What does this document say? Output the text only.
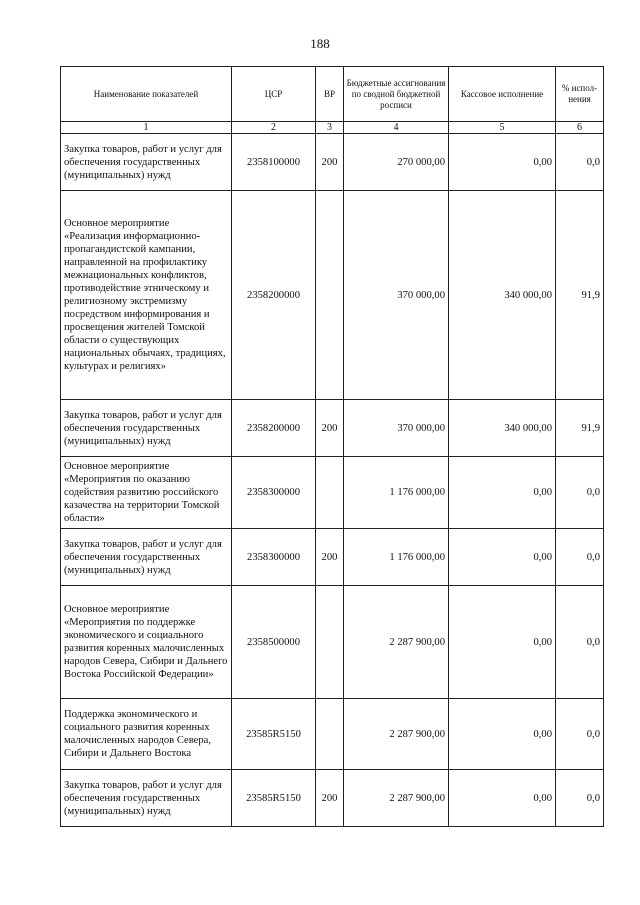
188
Наименование показателей	ЦСР	ВР	Бюджетные ассигнования по сводной бюджетной росписи	Кассовое исполнение	% испол-нения
1	2	3	4	5	6
Закупка товаров, работ и услуг для обеспечения государственных (муниципальных) нужд	2358100000	200	270 000,00	0,00	0,0
Основное мероприятие «Реализация информационно-пропагандистской кампании, направленной на профилактику межнациональных конфликтов, противодействие этническому и религиозному экстремизму посредством информирования и просвещения жителей Томской области о существующих национальных обычаях, традициях, культурах и религиях»	2358200000		370 000,00	340 000,00	91,9
Закупка товаров, работ и услуг для обеспечения государственных (муниципальных) нужд	2358200000	200	370 000,00	340 000,00	91,9
Основное мероприятие «Мероприятия по оказанию содействия развитию российского казачества на территории Томской области»	2358300000		1 176 000,00	0,00	0,0
Закупка товаров, работ и услуг для обеспечения государственных (муниципальных) нужд	2358300000	200	1 176 000,00	0,00	0,0
Основное мероприятие «Мероприятия по поддержке экономического и социального развития коренных малочисленных народов Севера, Сибири и Дальнего Востока Российской Федерации»	2358500000		2 287 900,00	0,00	0,0
Поддержка экономического и социального развития коренных малочисленных народов Севера, Сибири и Дальнего Востока	23585R5150		2 287 900,00	0,00	0,0
Закупка товаров, работ и услуг для обеспечения государственных (муниципальных) нужд	23585R5150	200	2 287 900,00	0,00	0,0
